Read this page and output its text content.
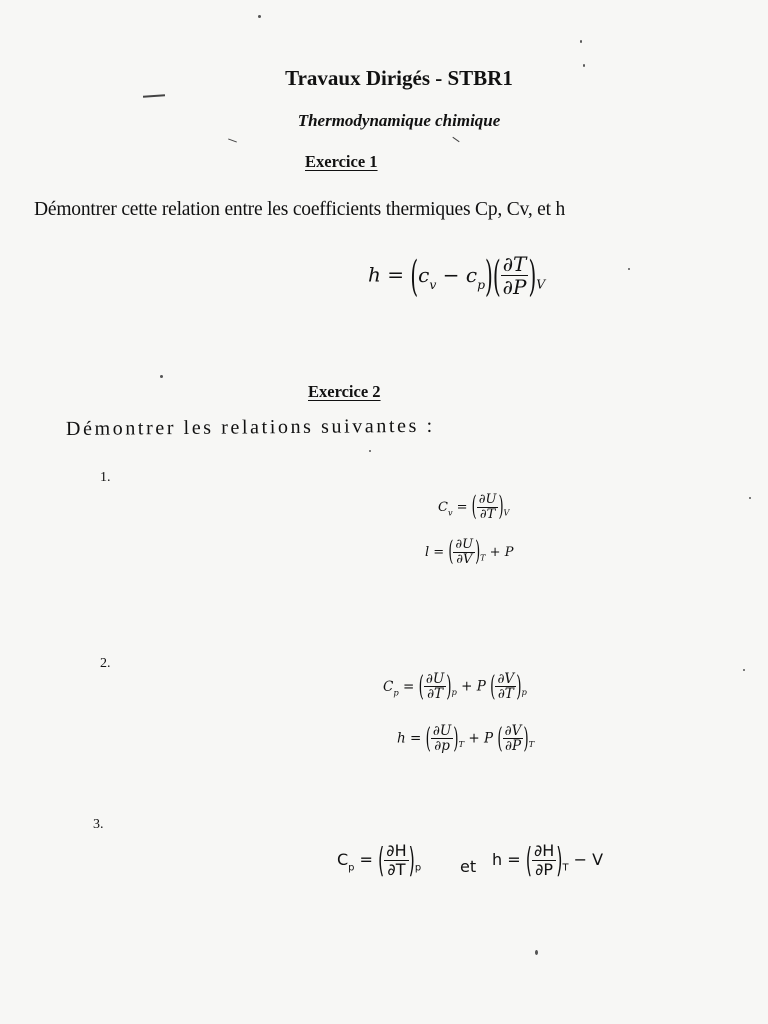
Travaux Dirigés - STBR1
Thermodynamique chimique
Exercice 1
Démontrer cette relation entre les coefficients thermiques Cp, Cv, et h
$h = (c_v - c_p)( \frac{\partial T}{\partial P} )_V$
Exercice 2
Démontrer les relations suivantes :
1.
$C_v$ = ( $\frac{\partial U}{\partial T} )_V$
l = ( $\frac{\partial U}{\partial V} )_T + P$
2.
$C_p$ = ( $\frac{\partial U}{\partial T} )_p + P$ ( $\frac{\partial V}{\partial T} )_p$
h = ( $\frac{\partial U}{\partial p} )_T + P$ ( $\frac{\partial V}{\partial P} )_T$
3.
$C_p$ = ( $\frac{\partial H}{\partial T} )_p$ et h = ( $\frac{\partial H}{\partial P} )_T - V$
